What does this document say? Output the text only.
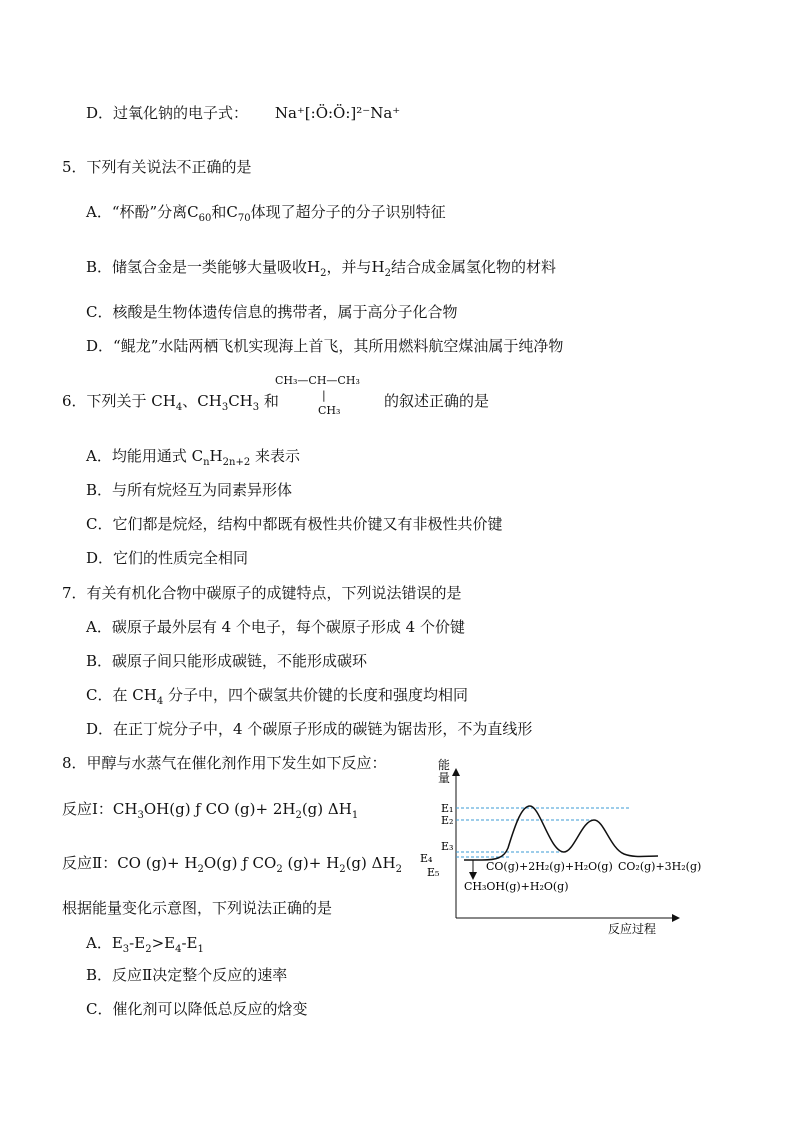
D．过氧化钠的电子式： Na⁺[:Ö:Ö:]²⁻Na⁺
5．下列有关说法不正确的是
A．“杯酚”分离$C_{60}$和$C_{70}$体现了超分子的分子识别特征
B．储氢合金是一类能够大量吸收$H_2$，并与$H_2$结合成金属氢化物的材料
C．核酸是生物体遗传信息的携带者，属于高分子化合物
D．“鲲龙”水陆两栖飞机实现海上首飞，其所用燃料航空煤油属于纯净物
6．下列关于 $CH_4$、$CH_3CH_3$ 和
CH₃—CH—CH₃
|
CH₃
的叙述正确的是
A．均能用通式 $C_nH_{2n+2}$ 来表示
B．与所有烷烃互为同素异形体
C．它们都是烷烃，结构中都既有极性共价键又有非极性共价键
D．它们的性质完全相同
7．有关有机化合物中碳原子的成键特点，下列说法错误的是
A．碳原子最外层有 4 个电子，每个碳原子形成 4 个价键
B．碳原子间只能形成碳链，不能形成碳环
C．在 $CH_4$ 分子中，四个碳氢共价键的长度和强度均相同
D．在正丁烷分子中，4 个碳原子形成的碳链为锯齿形，不为直线形
8．甲醇与水蒸气在催化剂作用下发生如下反应：
反应Ⅰ：$CH_3OH(g)$ ƒ CO $(g)+ 2H_2(g)$ $\Delta H_1$
反应Ⅱ：CO $(g)+ H_2O(g)$ ƒ $CO_2$ $(g)+ H_2(g)$ $\Delta H_2$
根据能量变化示意图，下列说法正确的是
A．$E_3-E_2>E_4-E_1$
B．反应Ⅱ决定整个反应的速率
C．催化剂可以降低总反应的焓变
能
量
反应过程
E₁
E₂
E₃
E₄
E₅	CO(g)+2H₂(g)+H₂O(g) CO₂(g)+3H₂(g)
CH₃OH(g)+H₂O(g)
